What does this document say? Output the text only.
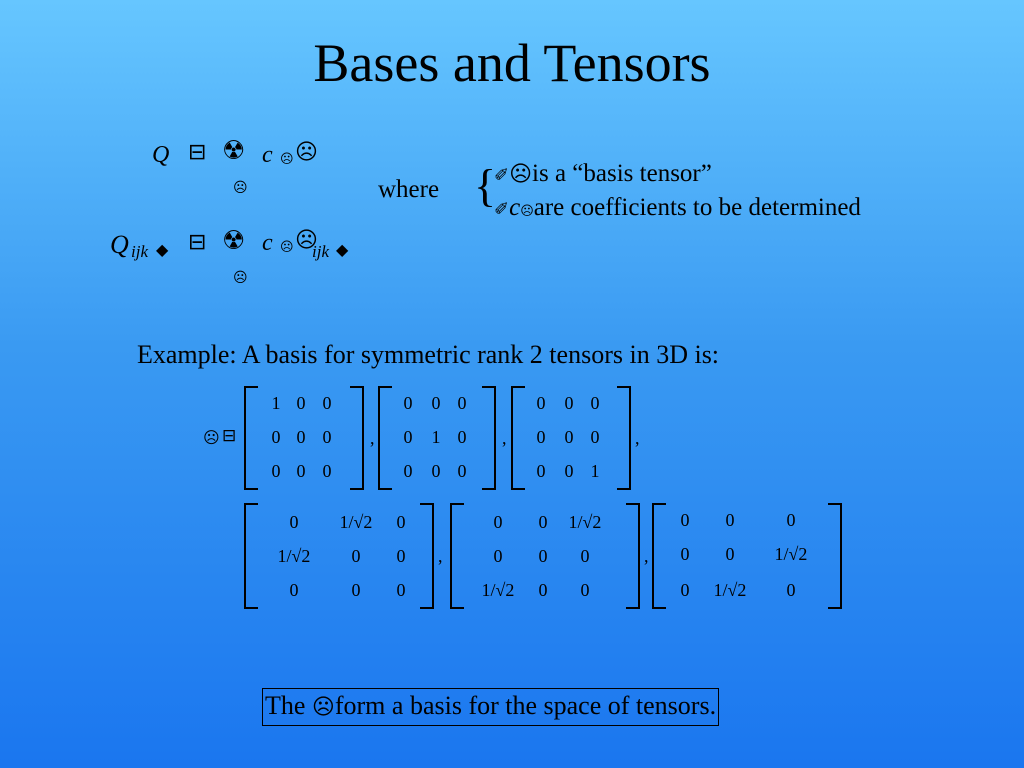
Bases and Tensors
Q ⊟ ☢ c ☹ ☹
☹
Q ijk ◆ ⊟ ☢ c ☹ ☹
ijk ◆
☹
where {
✐☹is a “basis tensor”
✐c☹are coefficients to be determined
Example: A basis for symmetric rank 2 tensors in 3D is:
☹ ⊟
1 0 0
0 0 0
0 0 0
,
0	0 0
0	1 0
0	0 0
,
0	0 0
0	0 0
0	0 1
,
0	1/√2	0
1/√2	0	0
0	0	0
,
0	0	1/√2
0	0	0
1/√2	0	0
,
0	0	0
0	0	1/√2
0	1/√2	0
The ☹form a basis for the space of tensors.
